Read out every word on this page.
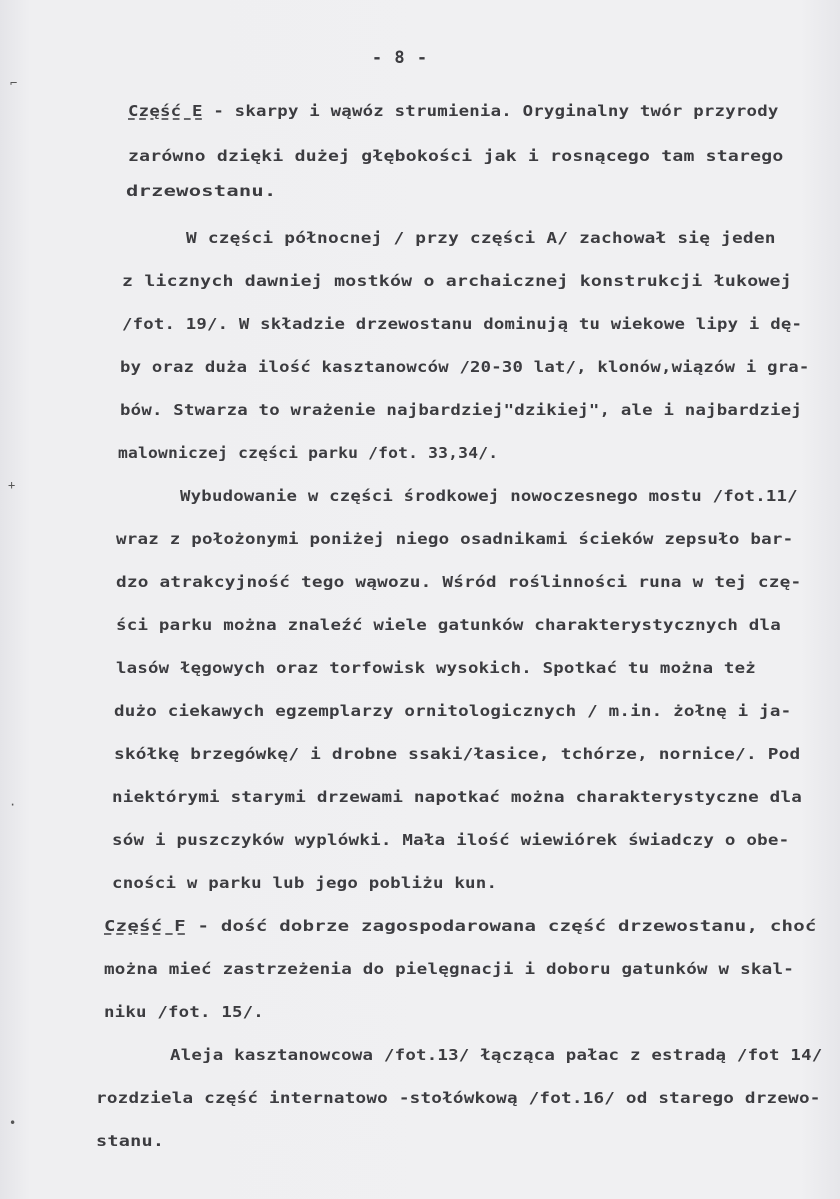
⌐
+
·
•
- 8 -
Część E - skarpy i wąwóz strumienia. Oryginalny twór przyrody
zarówno dzięki dużej głębokości jak i rosnącego tam starego
drzewostanu.
W części północnej / przy części A/ zachował się jeden
z licznych dawniej mostków o archaicznej konstrukcji łukowej
/fot. 19/. W składzie drzewostanu dominują tu wiekowe lipy i dę-
by oraz duża ilość kasztanowców /20-30 lat/, klonów,wiązów i gra-
bów. Stwarza to wrażenie najbardziej"dzikiej", ale i najbardziej
malowniczej części parku /fot. 33,34/.
Wybudowanie w części środkowej nowoczesnego mostu /fot.11/
wraz z położonymi poniżej niego osadnikami ścieków zepsuło bar-
dzo atrakcyjność tego wąwozu. Wśród roślinności runa w tej czę-
ści parku można znaleźć wiele gatunków charakterystycznych dla
lasów łęgowych oraz torfowisk wysokich. Spotkać tu można też
dużo ciekawych egzemplarzy ornitologicznych / m.in. żołnę i ja-
skółkę brzegówkę/ i drobne ssaki/łasice, tchórze, nornice/. Pod
niektórymi starymi drzewami napotkać można charakterystyczne dla
sów i puszczyków wyplówki. Mała ilość wiewiórek świadczy o obe-
cności w parku lub jego pobliżu kun.
Część F - dość dobrze zagospodarowana część drzewostanu, choć
można mieć zastrzeżenia do pielęgnacji i doboru gatunków w skal-
niku /fot. 15/.
Aleja kasztanowcowa /fot.13/ łącząca pałac z estradą /fot 14/
rozdziela część internatowo -stołówkową /fot.16/ od starego drzewo-
stanu.
